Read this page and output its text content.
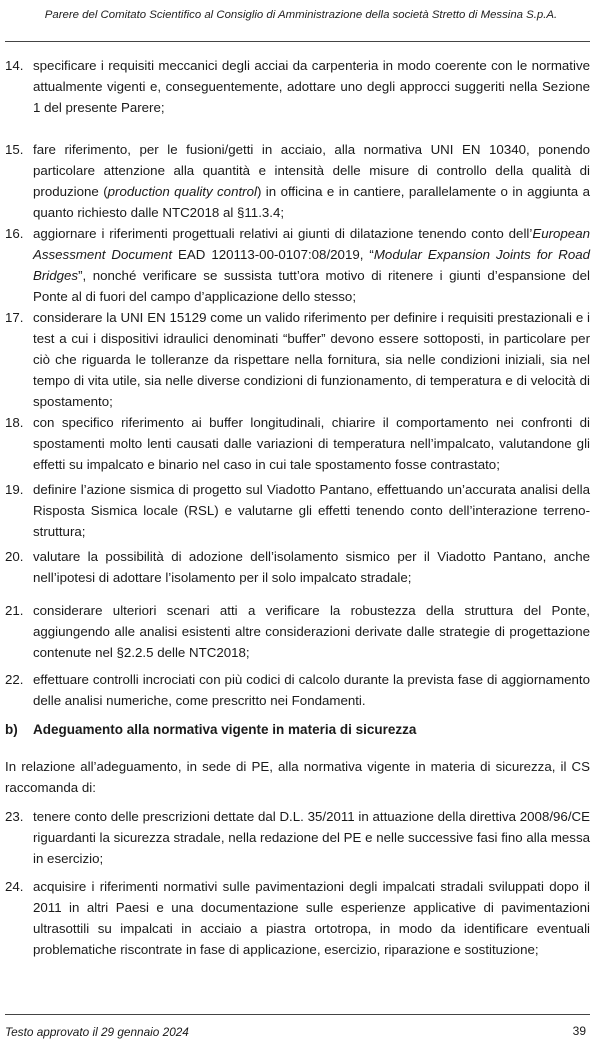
Parere del Comitato Scientifico al Consiglio di Amministrazione della società Stretto di Messina S.p.A.
14. specificare i requisiti meccanici degli acciai da carpenteria in modo coerente con le normative attualmente vigenti e, conseguentemente, adottare uno degli approcci suggeriti nella Sezione 1 del presente Parere;
15. fare riferimento, per le fusioni/getti in acciaio, alla normativa UNI EN 10340, ponendo particolare attenzione alla quantità e intensità delle misure di controllo della qualità di produzione (production quality control) in officina e in cantiere, parallelamente o in aggiunta a quanto richiesto dalle NTC2018 al §11.3.4;
16. aggiornare i riferimenti progettuali relativi ai giunti di dilatazione tenendo conto dell’European Assessment Document EAD 120113-00-0107:08/2019, “Modular Expansion Joints for Road Bridges”, nonché verificare se sussista tutt’ora motivo di ritenere i giunti d’espansione del Ponte al di fuori del campo d’applicazione dello stesso;
17. considerare la UNI EN 15129 come un valido riferimento per definire i requisiti prestazionali e i test a cui i dispositivi idraulici denominati “buffer” devono essere sottoposti, in particolare per ciò che riguarda le tolleranze da rispettare nella fornitura, sia nelle condizioni iniziali, sia nel tempo di vita utile, sia nelle diverse condizioni di funzionamento, di temperatura e di velocità di spostamento;
18. con specifico riferimento ai buffer longitudinali, chiarire il comportamento nei confronti di spostamenti molto lenti causati dalle variazioni di temperatura nell’impalcato, valutandone gli effetti su impalcato e binario nel caso in cui tale spostamento fosse contrastato;
19. definire l’azione sismica di progetto sul Viadotto Pantano, effettuando un’accurata analisi della Risposta Sismica locale (RSL) e valutarne gli effetti tenendo conto dell’interazione terreno-struttura;
20. valutare la possibilità di adozione dell’isolamento sismico per il Viadotto Pantano, anche nell’ipotesi di adottare l’isolamento per il solo impalcato stradale;
21. considerare ulteriori scenari atti a verificare la robustezza della struttura del Ponte, aggiungendo alle analisi esistenti altre considerazioni derivate dalle strategie di progettazione contenute nel §2.2.5 delle NTC2018;
22. effettuare controlli incrociati con più codici di calcolo durante la prevista fase di aggiornamento delle analisi numeriche, come prescritto nei Fondamenti.
b) Adeguamento alla normativa vigente in materia di sicurezza
In relazione all’adeguamento, in sede di PE, alla normativa vigente in materia di sicurezza, il CS raccomanda di:
23. tenere conto delle prescrizioni dettate dal D.L. 35/2011 in attuazione della direttiva 2008/96/CE riguardanti la sicurezza stradale, nella redazione del PE e nelle successive fasi fino alla messa in esercizio;
24. acquisire i riferimenti normativi sulle pavimentazioni degli impalcati stradali sviluppati dopo il 2011 in altri Paesi e una documentazione sulle esperienze applicative di pavimentazioni ultrasottili su impalcati in acciaio a piastra ortotropa, in modo da identificare eventuali problematiche riscontrate in fase di applicazione, esercizio, riparazione e sostituzione;
Testo approvato il 29 gennaio 2024	39
